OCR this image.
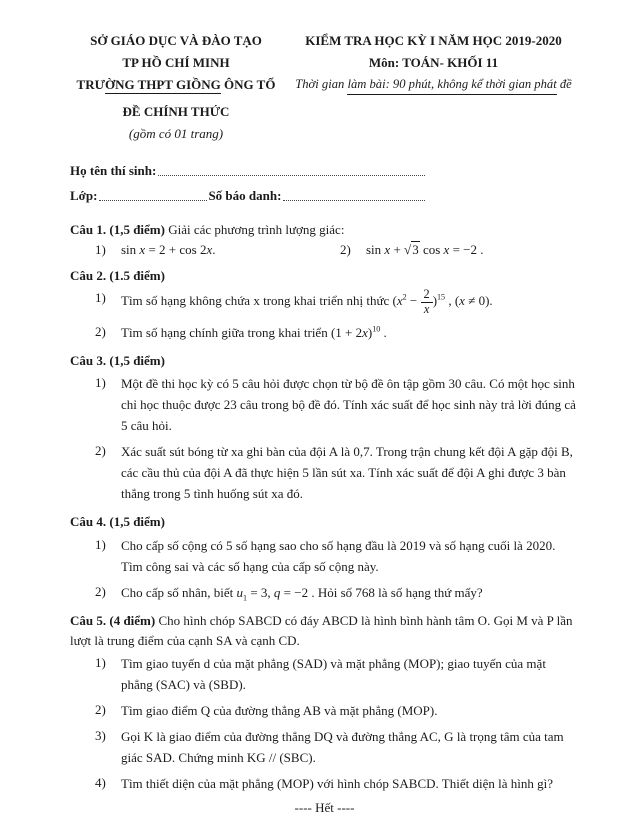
SỞ GIÁO DỤC VÀ ĐÀO TẠO
TP HỒ CHÍ MINH
TRƯỜNG THPT GIỒNG ÔNG TỐ
ĐỀ CHÍNH THỨC
(gồm có 01 trang)
KIỂM TRA HỌC KỲ I NĂM HỌC 2019-2020
Môn: TOÁN- KHỐI 11
Thời gian làm bài: 90 phút, không kể thời gian phát đề
Họ tên thí sinh:
Lớp:	Số báo danh:
Câu 1. (1,5 điểm) Giải các phương trình lượng giác:
1)	sin x = 2 + cos 2x.	2)	sin x + √3 cos x = −2 .
Câu 2. (1.5 điểm)
1)	Tìm số hạng không chứa x trong khai triển nhị thức $(x^2 - \frac{2}{x} )^{15}$ , (x ≠ 0).
2)	Tìm số hạng chính giữa trong khai triển $(1 + 2x)^{10}$ .
Câu 3. (1,5 điểm)
1)	Một đề thi học kỳ có 5 câu hỏi được chọn từ bộ đề ôn tập gồm 30 câu. Có một học sinh chỉ học thuộc được 23 câu trong bộ đề đó. Tính xác suất để học sinh này trả lời đúng cả 5 câu hỏi.
2)	Xác suất sút bóng từ xa ghi bàn của đội A là 0,7. Trong trận chung kết đội A gặp đội B, các cầu thủ của đội A đã thực hiện 5 lần sút xa. Tính xác suất để đội A ghi được 3 bàn thắng trong 5 tình huống sút xa đó.
Câu 4. (1,5 điểm)
1)	Cho cấp số cộng có 5 số hạng sao cho số hạng đầu là 2019 và số hạng cuối là 2020. Tìm công sai và các số hạng của cấp số cộng này.
2)	Cho cấp số nhân, biết $u_1 = 3$, q = −2 . Hỏi số 768 là số hạng thứ mấy?
Câu 5. (4 điểm) Cho hình chóp SABCD có đáy ABCD là hình bình hành tâm O. Gọi M và P lần lượt là trung điểm của cạnh SA và cạnh CD.
1)	Tìm giao tuyến d của mặt phẳng (SAD) và mặt phẳng (MOP); giao tuyến của mặt phẳng (SAC) và (SBD).
2)	Tìm giao điểm Q của đường thẳng AB và mặt phẳng (MOP).
3)	Gọi K là giao điểm của đường thẳng DQ và đường thẳng AC, G là trọng tâm của tam giác SAD. Chứng minh KG // (SBC).
4)	Tìm thiết diện của mặt phẳng (MOP) với hình chóp SABCD. Thiết diện là hình gì?
---- Hết ----
